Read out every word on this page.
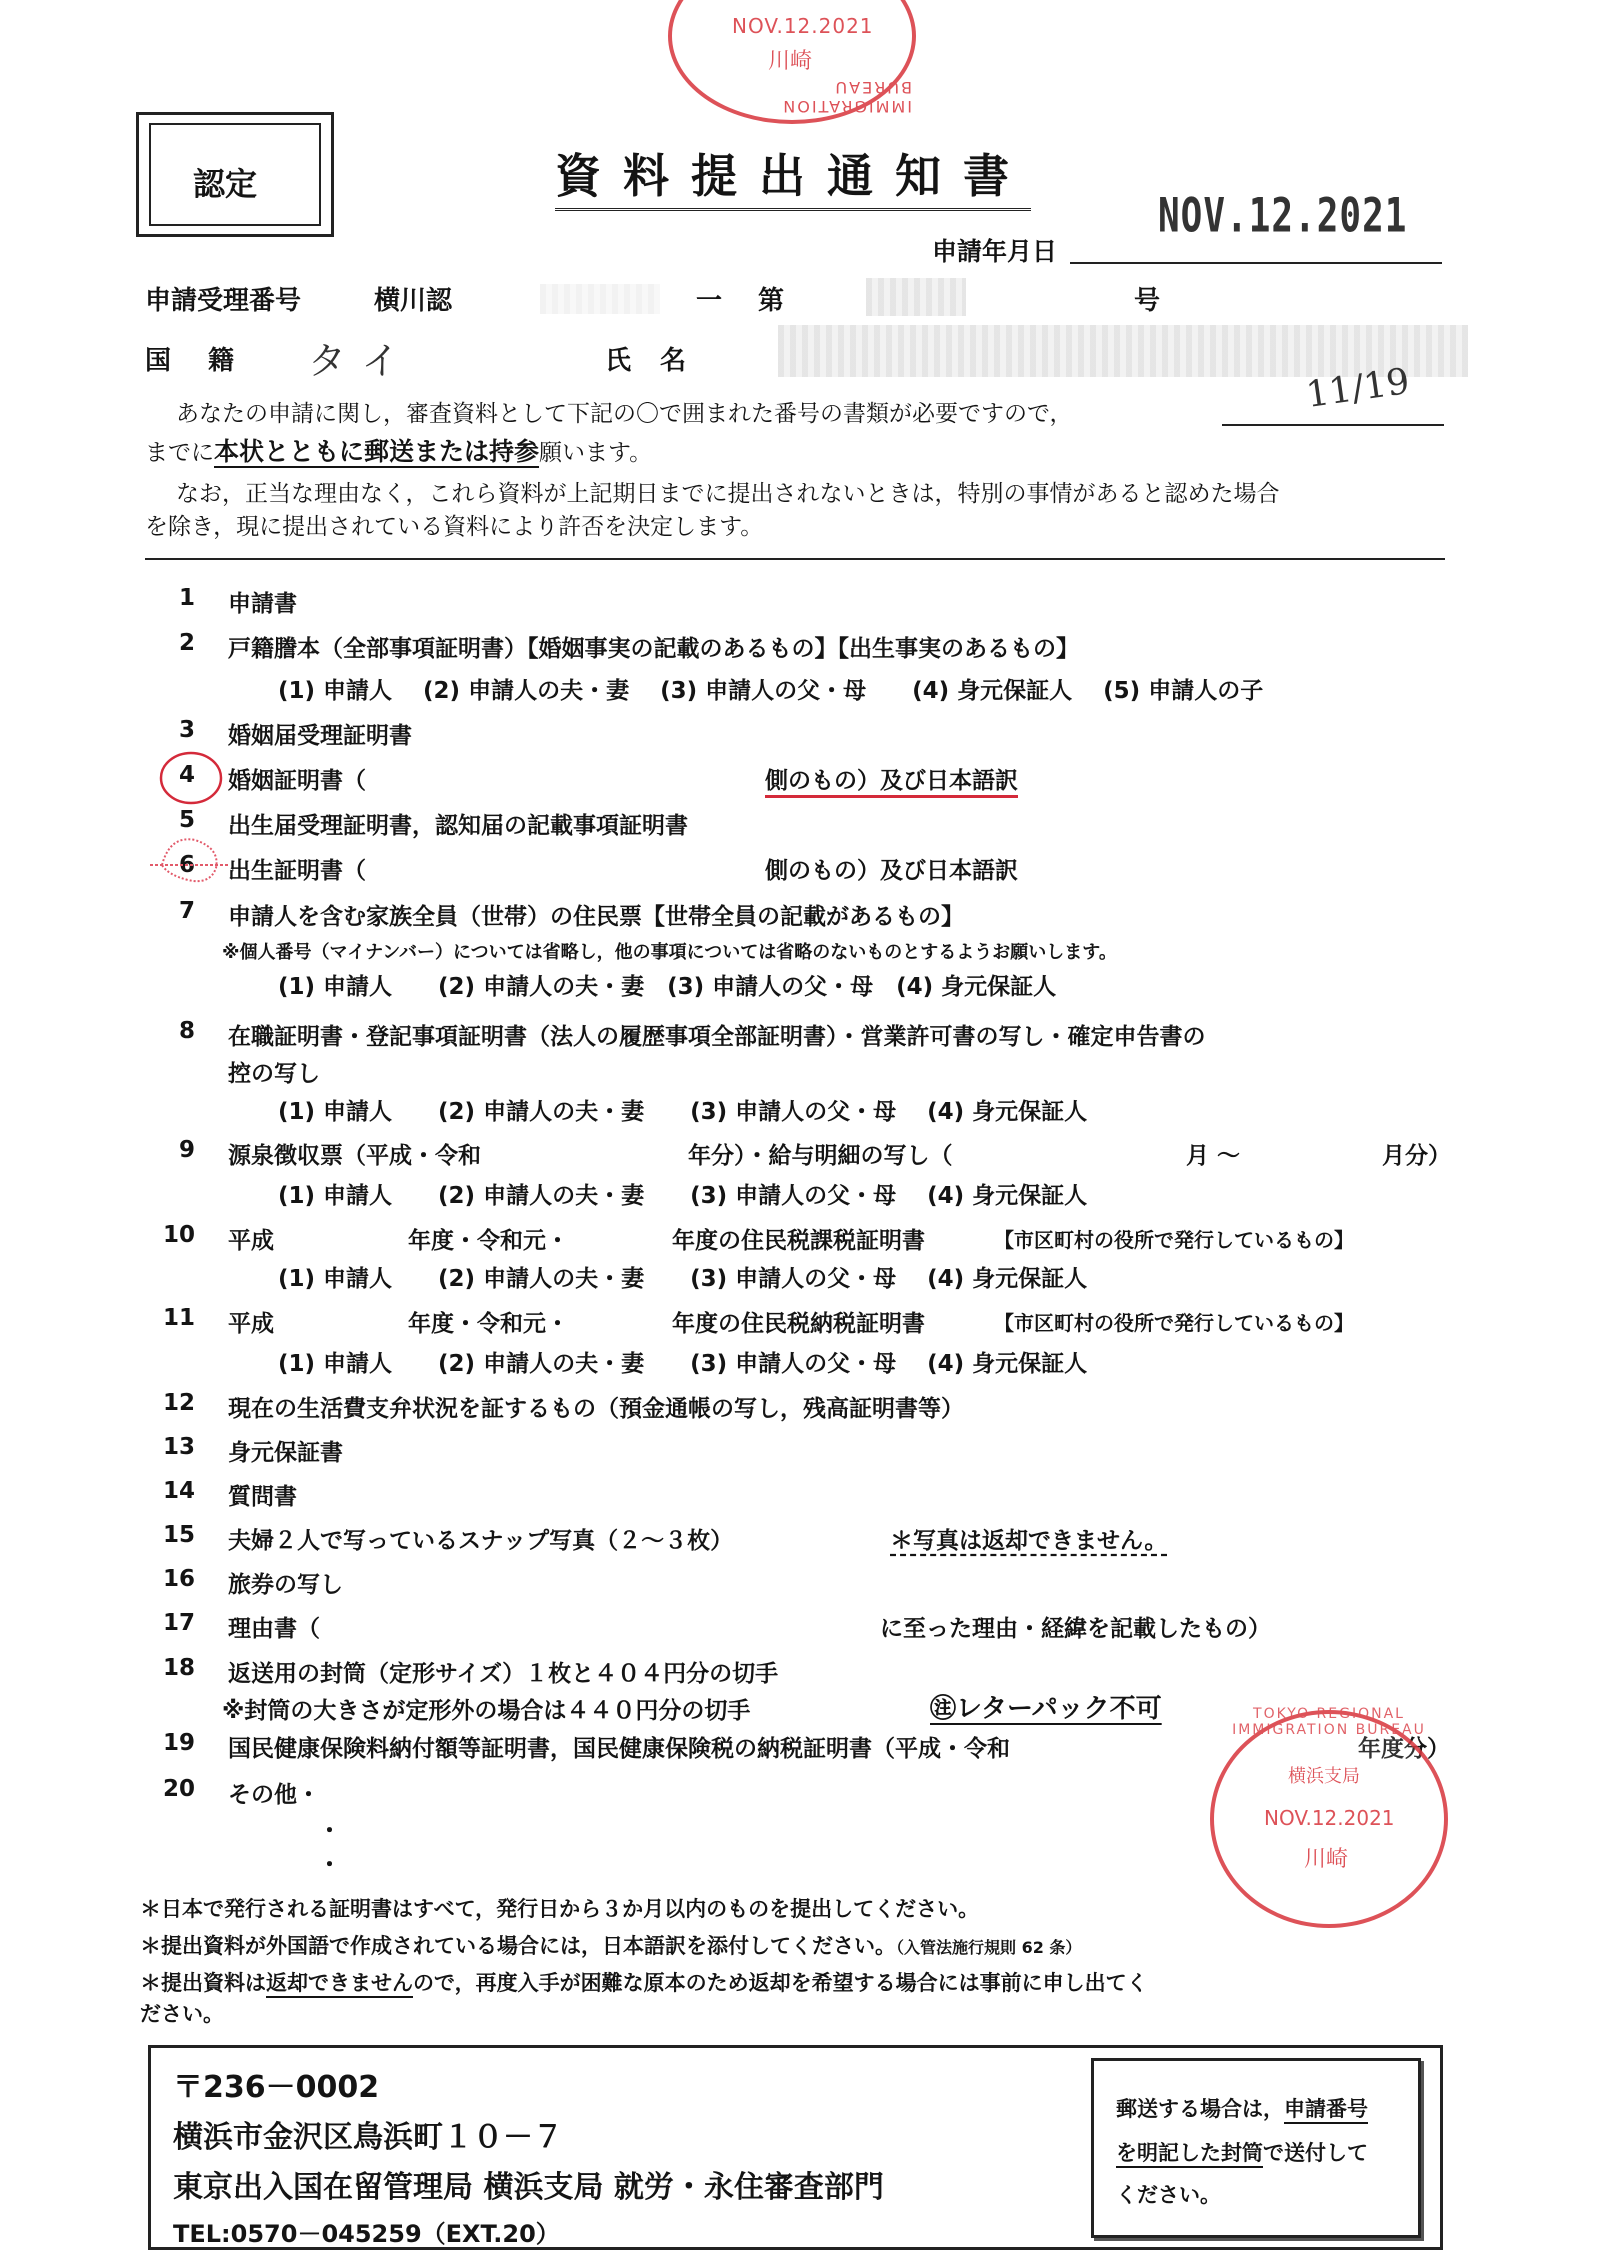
NOV.12.2021
川崎
IMMIGRATION BUREAU
認定	資料提出通知書
申請年月日
NOV.12.2021
申請受理番号	横川認	一 第	号
国 籍 タイ	氏 名
あなたの申請に関し，審査資料として下記の〇で囲まれた番号の書類が必要ですので，	11/19
までに本状とともに郵送または持参願います。
なお，正当な理由なく，これら資料が上記期日までに提出されないときは，特別の事情があると認めた場合
を除き，現に提出されている資料により許否を決定します。
1 申請書
2 戸籍謄本（全部事項証明書）【婚姻事実の記載のあるもの】【出生事実のあるもの】
(1) 申請人　 (2) 申請人の夫・妻　 (3) 申請人の父・母　　(4) 身元保証人　 (5) 申請人の子
3 婚姻届受理証明書
4 婚姻証明書（	側のもの）及び日本語訳
5 出生届受理証明書，認知届の記載事項証明書
6 出生証明書（	側のもの）及び日本語訳
7 申請人を含む家族全員（世帯）の住民票【世帯全員の記載があるもの】
※個人番号（マイナンバー）については省略し，他の事項については省略のないものとするようお願いします。
(1) 申請人　　(2) 申請人の夫・妻　(3) 申請人の父・母　(4) 身元保証人
8 在職証明書・登記事項証明書（法人の履歴事項全部証明書）・営業許可書の写し・確定申告書の
控の写し
(1) 申請人　　(2) 申請人の夫・妻　　(3) 申請人の父・母　 (4) 身元保証人
9 源泉徴収票（平成・令和	年分）・給与明細の写し（	月 ～	月分）
(1) 申請人　　(2) 申請人の夫・妻　　(3) 申請人の父・母　 (4) 身元保証人
10 平成	年度・令和元・	年度の住民税課税証明書	【市区町村の役所で発行しているもの】
(1) 申請人　　(2) 申請人の夫・妻　　(3) 申請人の父・母　 (4) 身元保証人
11 平成	年度・令和元・	年度の住民税納税証明書	【市区町村の役所で発行しているもの】
(1) 申請人　　(2) 申請人の夫・妻　　(3) 申請人の父・母　 (4) 身元保証人
12 現在の生活費支弁状況を証するもの（預金通帳の写し，残高証明書等）
13 身元保証書
14 質問書
15 夫婦２人で写っているスナップ写真（２～３枚）	＊写真は返却できません。
16 旅券の写し
17 理由書（	に至った理由・経緯を記載したもの）
18 返送用の封筒（定形サイズ）１枚と４０４円分の切手
※封筒の大きさが定形外の場合は４４０円分の切手	㊟レターパック不可
19 国民健康保険料納付額等証明書，国民健康保険税の納税証明書（平成・令和	年度分）
20 その他・
・
・
＊日本で発行される証明書はすべて，発行日から３か月以内のものを提出してください。
＊提出資料が外国語で作成されている場合には，日本語訳を添付してください。（入管法施行規則 62 条）
＊提出資料は返却できませんので，再度入手が困難な原本のため返却を希望する場合には事前に申し出てく
ださい。
〒236－0002
横浜市金沢区鳥浜町１０－７
東京出入国在留管理局 横浜支局 就労・永住審査部門
TEL:0570－045259（EXT.20）
郵送する場合は，申請番号
を明記した封筒で送付して
ください。
TOKYO REGIONAL IMMIGRATION BUREAU
横浜支局
NOV.12.2021
川崎
